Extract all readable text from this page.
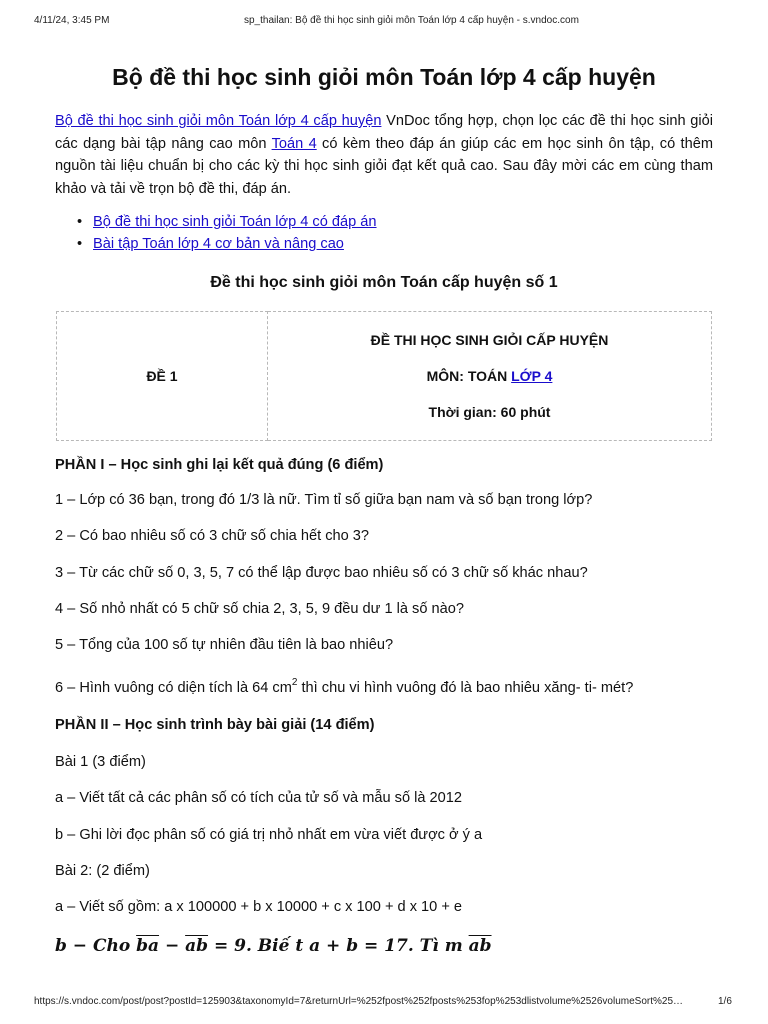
4/11/24, 3:45 PM	sp_thailan: Bộ đề thi học sinh giỏi môn Toán lớp 4 cấp huyện - s.vndoc.com
Bộ đề thi học sinh giỏi môn Toán lớp 4 cấp huyện

Bộ đề thi học sinh giỏi môn Toán lớp 4 cấp huyện VnDoc tổng hợp, chọn lọc các đề thi học sinh giỏi các dạng bài tập nâng cao môn Toán 4 có kèm theo đáp án giúp các em học sinh ôn tập, có thêm nguồn tài liệu chuẩn bị cho các kỳ thi học sinh giỏi đạt kết quả cao. Sau đây mời các em cùng tham khảo và tải về trọn bộ đề thi, đáp án.

• Bộ đề thi học sinh giỏi Toán lớp 4 có đáp án
• Bài tập Toán lớp 4 cơ bản và nâng cao
Đề thi học sinh giỏi môn Toán cấp huyện số 1
ĐỀ 1	
ĐỀ THI HỌC SINH GIỎI CẤP HUYỆN
MÔN: TOÁN LỚP 4
Thời gian: 60 phút

PHẦN I – Học sinh ghi lại kết quả đúng (6 điểm)

1 – Lớp có 36 bạn, trong đó 1/3 là nữ. Tìm tỉ số giữa bạn nam và số bạn trong lớp?

2 – Có bao nhiêu số có 3 chữ số chia hết cho 3?

3 – Từ các chữ số 0, 3, 5, 7 có thể lập được bao nhiêu số có 3 chữ số khác nhau?

4 – Số nhỏ nhất có 5 chữ số chia 2, 3, 5, 9 đều dư 1 là số nào?

5 – Tổng của 100 số tự nhiên đầu tiên là bao nhiêu?

6 – Hình vuông có diện tích là 64 $cm^2$ thì chu vi hình vuông đó là bao nhiêu xăng- ti- mét?

PHẦN II – Học sinh trình bày bài giải (14 điểm)

Bài 1 (3 điểm)

a – Viết tất cả các phân số có tích của tử số và mẫu số là 2012

b – Ghi lời đọc phân số có giá trị nhỏ nhất em vừa viết được ở ý a

Bài 2: (2 điểm)

a – Viết số gồm: a x 100000 + b x 10000 + c x 100 + d x 10 + e

b − Cho $\overline{ba} - \overline{ab} = 9$. Biế t a + b = 17. Tì m $\overline{ab}$

https://s.vndoc.com/post/post?postId=125903&taxonomyId=7&returnUrl=%252fpost%252fposts%253fop%253dlistvolume%2526volumeSort%25…	1/6
